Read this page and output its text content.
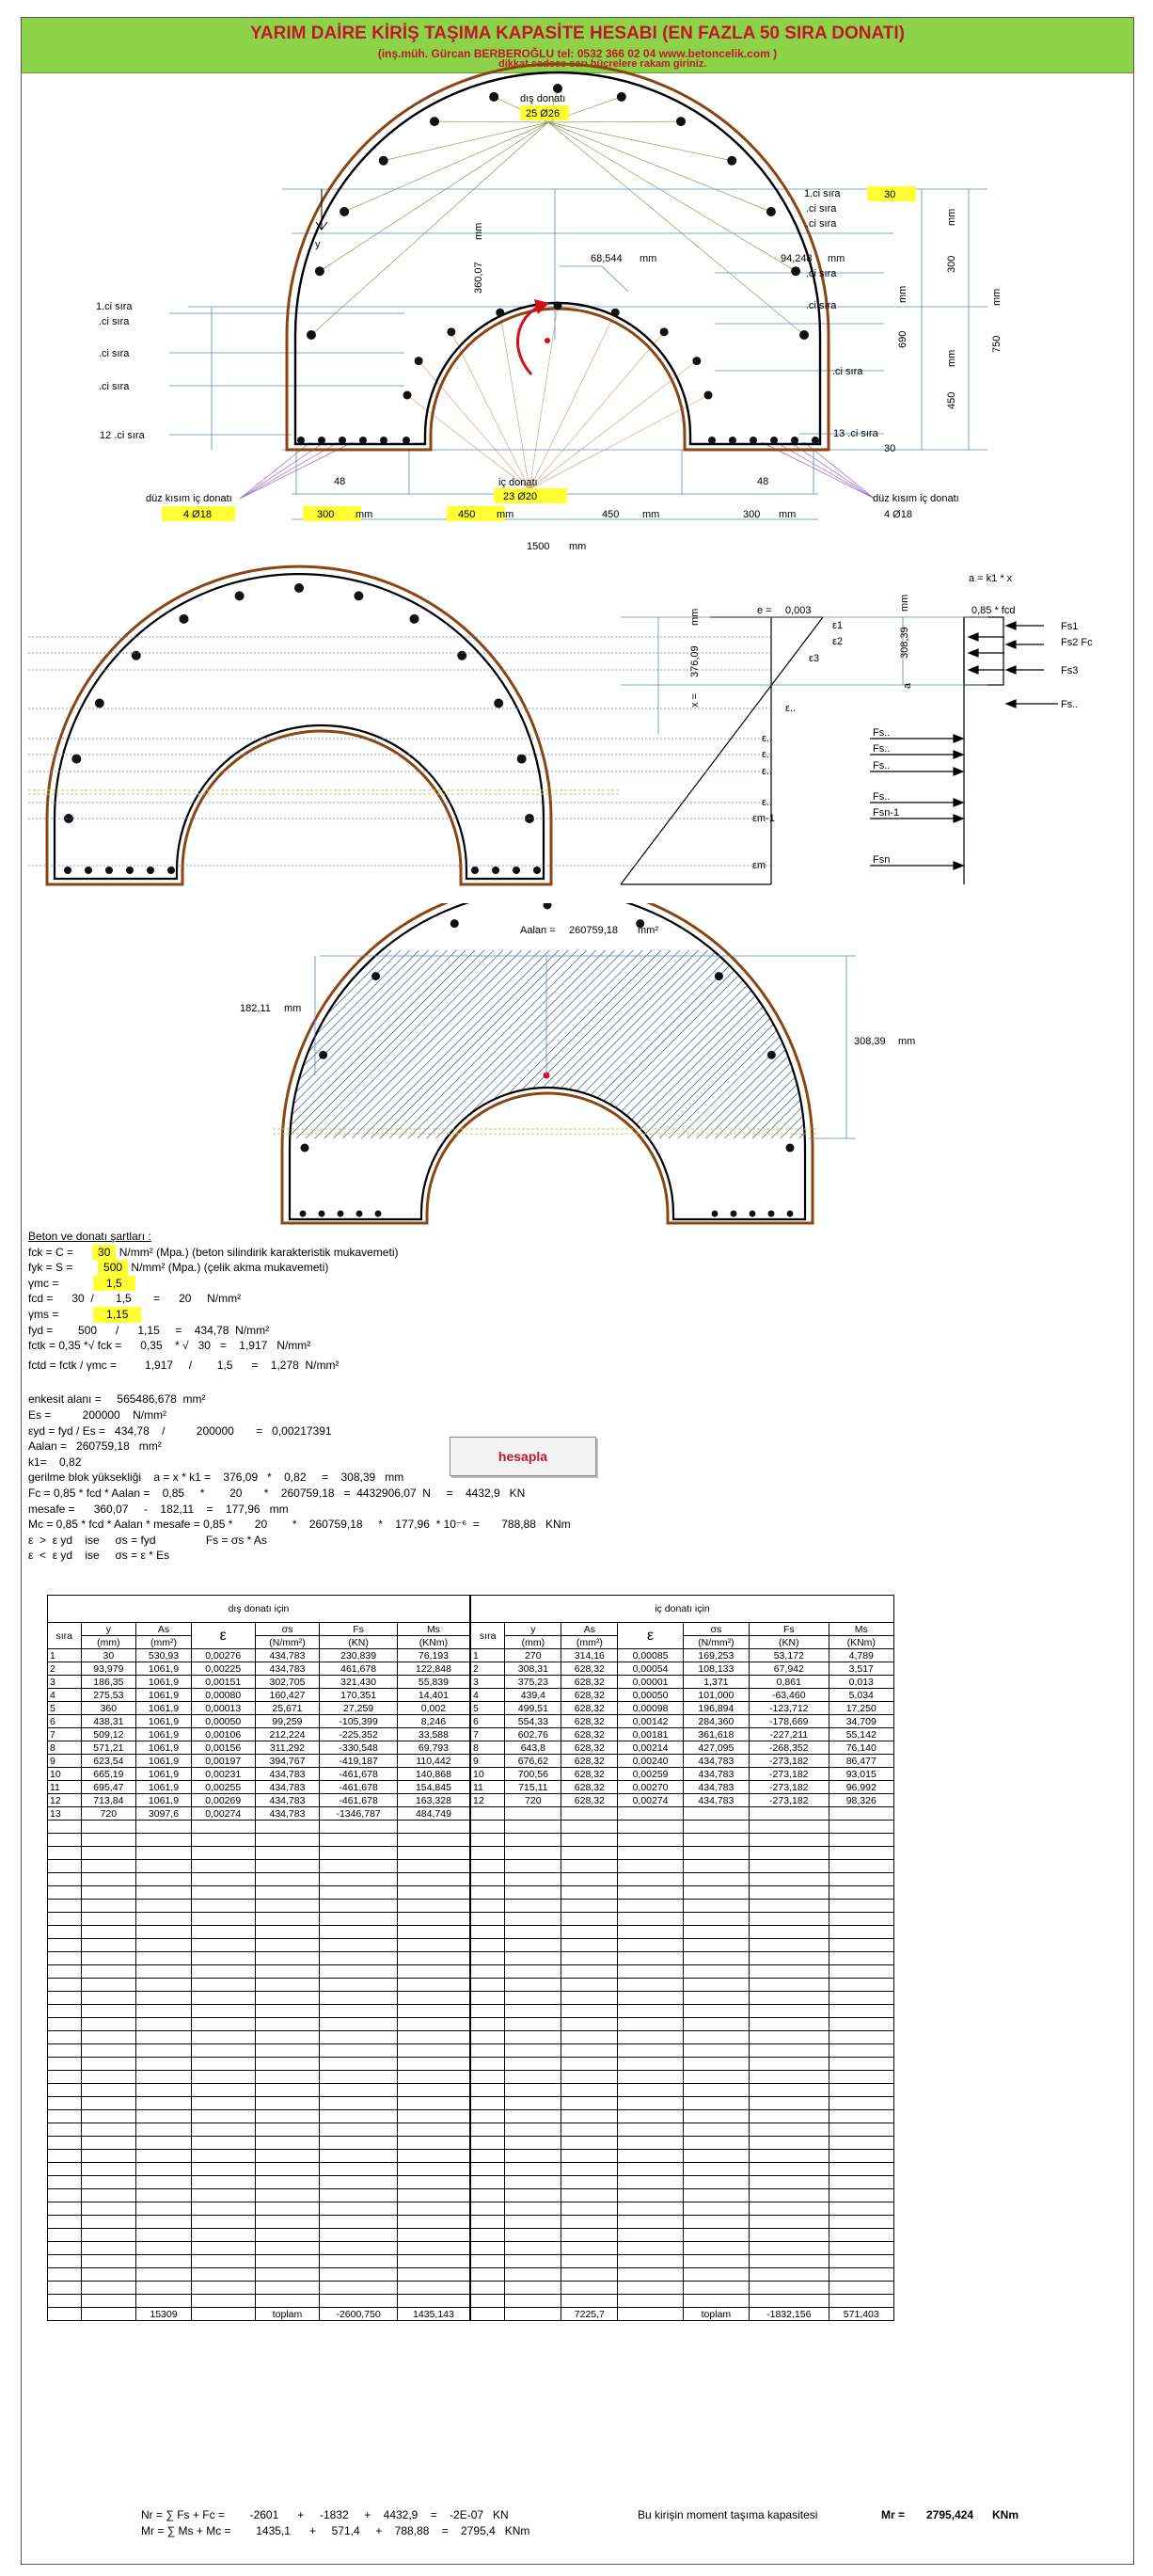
YARIM DAİRE KİRİŞ TAŞIMA KAPASİTE HESABI (EN FAZLA 50 SIRA DONATI)
(inş.müh. Gürcan BERBEROĞLU tel: 0532 366 02 04 www.betoncelik.com )
dikkat sadece sarı hücrelere rakam giriniz.
dış donatı
25 Ø26
iç donatı
23 Ø20
düz kısım iç donatı
4 Ø18
düz kısım iç donatı
4 Ø18
1.ci sıra
.ci sıra
.ci sıra
.ci sıra
12 .ci sıra
1.ci sıra
.ci sıra
.ci sıra
.ci sıra
.ci sıra
.ci sıra
13 .ci sıra
30
30
48	48
68,544 mm	94,248 mm
300 mm	450 mm	450 mm	300 mm
1500 mm
y
300
mm
690
mm
450
mm
750
mm
360,07
mm
a = k1 * x
e = 0,003	0,85 * fcd
ε1
ε2
ε3
ε..
ε..
ε..
ε..
ε..
εm-1
εm
Fs1
Fs2 Fc
Fs3
Fs..
Fs..
Fs..
Fs..
Fs..
Fsn-1
Fsn
a
x =
376,09
mm
308,39
mm
Aalan = 260759,18 mm²
182,11 mm
308,39 mm
Beton ve donatı şartları :
fck = C = 30 N/mm² (Mpa.) (beton silindirik karakteristik mukavemeti)
fyk = S =	500 N/mm² (Mpa.) (çelik akma mukavemeti)
γmc =	1,5
fcd =      30  /       1,5       =      20     N/mm²
γms =	1,15
fyd =        500      /      1,15     =    434,78  N/mm²
fctk = 0,35 *√ fck =      0,35    * √   30   =    1,917   N/mm²
fctd = fctk / γmc =         1,917     /        1,5      =    1,278  N/mm²
enkesit alanı =     565486,678  mm²
Es =          200000    N/mm²
εyd = fyd / Es =   434,78    /          200000       =   0,00217391
Aalan =   260759,18   mm²
k1=    0,82
gerilme blok yüksekliği    a = x * k1 =    376,09   *    0,82     =    308,39   mm
Fc = 0,85 * fcd * Aalan =    0,85     *        20       *    260759,18   =  4432906,07  N     =    4432,9   KN
mesafe =      360,07     -    182,11    =    177,96   mm
Mc = 0,85 * fcd * Aalan * mesafe = 0,85 *       20        *    260759,18     *    177,96  * 10⁻⁶  =       788,88   KNm
ε  >  ε yd    ise     σs = fyd                Fs = σs * As
ε  <  ε yd    ise     σs = ε * Es
hesapla
dış donatı için						
sıra	y	As	ε	σs	Fs	Ms
	(mm)	(mm²)		(N/mm²)	(KN)	(KNm)
1	30	530,93	0,00276	434,783	230,839	76,193
2	93,979	1061,9	0,00225	434,783	461,678	122,848
3	186,35	1061,9	0,00151	302,705	321,430	55,839
4	275,53	1061,9	0,00080	160,427	170,351	14,401
5	360	1061,9	0,00013	25,671	27,259	0,002
6	438,31	1061,9	0,00050	99,259	-105,399	8,246
7	509,12	1061,9	0,00106	212,224	-225,352	33,588
8	571,21	1061,9	0,00156	311,292	-330,548	69,793
9	623,54	1061,9	0,00197	394,767	-419,187	110,442
10	665,19	1061,9	0,00231	434,783	-461,678	140,868
11	695,47	1061,9	0,00255	434,783	-461,678	154,845
12	713,84	1061,9	0,00269	434,783	-461,678	163,328
13	720	3097,6	0,00274	434,783	-1346,787	484,749

		15309		toplam	-2600,750	1435,143
iç donatı için						
sıra	y	As	ε	σs	Fs	Ms
	(mm)	(mm²)		(N/mm²)	(KN)	(KNm)
1	270	314,16	0,00085	169,253	53,172	4,789
2	308,31	628,32	0,00054	108,133	67,942	3,517
3	375,23	628,32	0,00001	1,371	0,861	0,013
4	439,4	628,32	0,00050	101,000	-63,460	5,034
5	499,51	628,32	0,00098	196,894	-123,712	17,250
6	554,33	628,32	0,00142	284,360	-178,669	34,709
7	602,76	628,32	0,00181	361,618	-227,211	55,142
8	643,8	628,32	0,00214	427,095	-268,352	76,140
9	676,62	628,32	0,00240	434,783	-273,182	86,477
10	700,56	628,32	0,00259	434,783	-273,182	93,015
11	715,11	628,32	0,00270	434,783	-273,182	96,992
12	720	628,32	0,00274	434,783	-273,182	98,326

		7225,7		toplam	-1832,156	571,403
Nr = ∑ Fs + Fc =        -2601      +     -1832     +    4432,9    =    -2E-07   KN
Mr = ∑ Ms + Mc =        1435,1      +     571,4     +    788,88    =    2795,4   KNm
Bu kirişin moment taşıma kapasitesi	Mr = 2795,424 KNm
